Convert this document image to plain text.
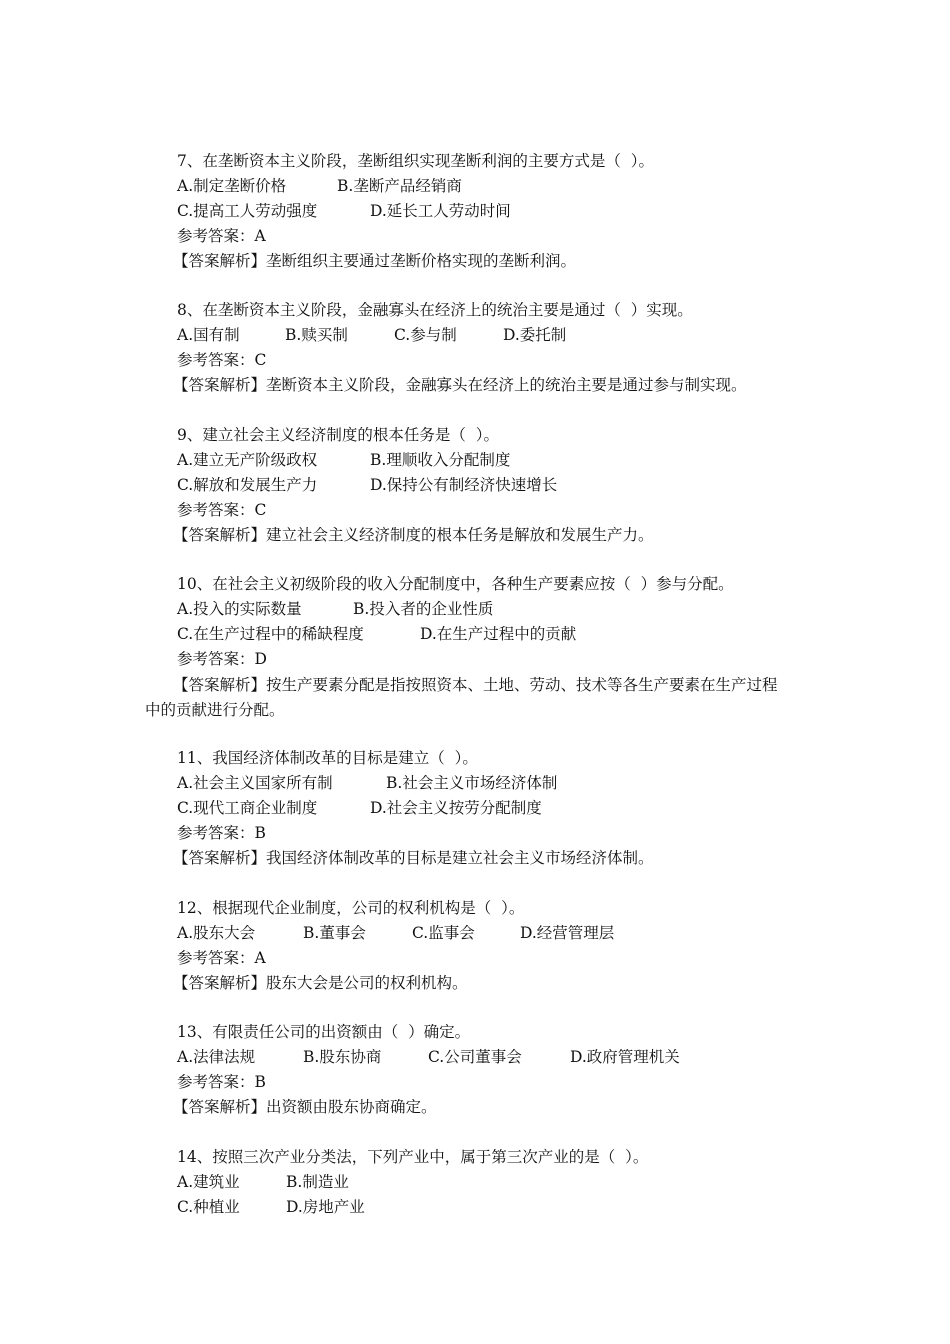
7、在垄断资本主义阶段，垄断组织实现垄断利润的主要方式是（  ）。
A.制定垄断价格	B.垄断产品经销商
C.提高工人劳动强度	D.延长工人劳动时间
参考答案：A
【答案解析】垄断组织主要通过垄断价格实现的垄断利润。
8、在垄断资本主义阶段，金融寡头在经济上的统治主要是通过（  ）实现。
A.国有制	B.赎买制	C.参与制	D.委托制
参考答案：C
【答案解析】垄断资本主义阶段，金融寡头在经济上的统治主要是通过参与制实现。
9、建立社会主义经济制度的根本任务是（  ）。
A.建立无产阶级政权	B.理顺收入分配制度
C.解放和发展生产力	D.保持公有制经济快速增长
参考答案：C
【答案解析】建立社会主义经济制度的根本任务是解放和发展生产力。
10、在社会主义初级阶段的收入分配制度中，各种生产要素应按（  ）参与分配。
A.投入的实际数量	B.投入者的企业性质
C.在生产过程中的稀缺程度	D.在生产过程中的贡献
参考答案：D
【答案解析】按生产要素分配是指按照资本、土地、劳动、技术等各生产要素在生产过程
中的贡献进行分配。
11、我国经济体制改革的目标是建立（  ）。
A.社会主义国家所有制	B.社会主义市场经济体制
C.现代工商企业制度	D.社会主义按劳分配制度
参考答案：B
【答案解析】我国经济体制改革的目标是建立社会主义市场经济体制。
12、根据现代企业制度，公司的权利机构是（  ）。
A.股东大会	B.董事会	C.监事会	D.经营管理层
参考答案：A
【答案解析】股东大会是公司的权利机构。
13、有限责任公司的出资额由（  ）确定。
A.法律法规	B.股东协商	C.公司董事会	D.政府管理机关
参考答案：B
【答案解析】出资额由股东协商确定。
14、按照三次产业分类法，下列产业中，属于第三次产业的是（  ）。
A.建筑业	B.制造业
C.种植业	D.房地产业
